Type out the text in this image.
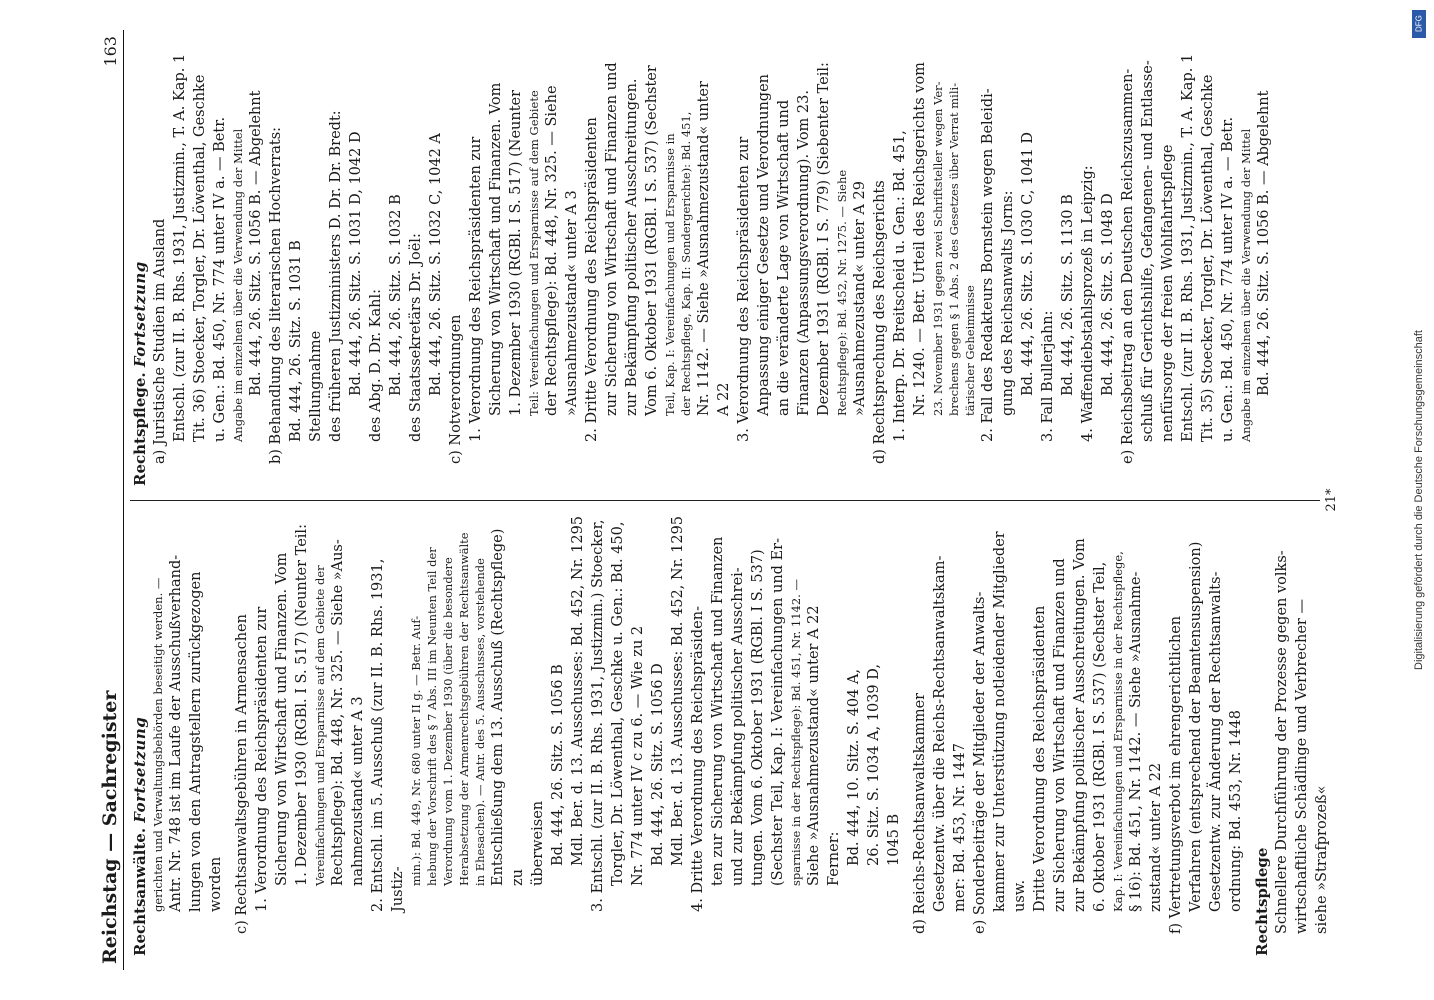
Reichstag — Sachregister
163
Rechtsanwälte. Fortsetzung gerichten und Verwaltungsbehörden beseitigt werden. — Antr. Nr. 748 ist im Laufe der Ausschußverhand- lungen von den Antragstellern zurückgezogen worden c) Rechtsanwaltsgebühren in Armensachen 1. Verordnung des Reichspräsidenten zur Sicherung von Wirtschaft und Finanzen. Vom 1. Dezember 1930 (RGBl. I S. 517) (Neunter Teil: Vereinfachungen und Ersparnisse auf dem Gebiete der Rechtspflege): Bd. 448, Nr. 325. — Siehe »Aus- nahmezustand« unter A 3 2. Entschl. im 5. Ausschuß (zur II. B. Rhs. 1931, Justiz-
min.): Bd. 449, Nr. 680 unter II g. — Betr. Auf- hebung der Vorschrift des § 7 Abs. III im Neunten Teil der Verordnung vom 1. Dezember 1930 (über die besondere Herabsetzung der Armenrechtsgebühren der Rechtsanwälte in Ehesachen). — Antr. des 5. Ausschusses, vorstehende Entschließung dem 13. Ausschuß (Rechtspflege) zu überweisen Bd. 444, 26. Sitz. S. 1056 B Mdl. Ber. d. 13. Ausschusses: Bd. 452, Nr. 1295 3. Entschl. (zur II. B. Rhs. 1931, Justizmin.) Stoecker, Torgler, Dr. Löwenthal, Geschke u. Gen.: Bd. 450, Nr. 774 unter IV c zu 6. — Wie zu 2 Bd. 444, 26. Sitz. S. 1056 D Mdl. Ber. d. 13. Ausschusses: Bd. 452, Nr. 1295 4. Dritte Verordnung des Reichspräsiden- ten zur Sicherung von Wirtschaft und Finanzen und zur Bekämpfung politischer Ausschrei- tungen. Vom 6. Oktober 1931 (RGBl. I S. 537) (Sechster Teil, Kap. I: Vereinfachungen und Er- sparnisse in der Rechtspflege): Bd. 451, Nr. 1142. — Siehe »Ausnahmezustand« unter A 22 Ferner: Bd. 444, 10. Sitz. S. 404 A, 26. Sitz. S. 1034 A, 1039 D, 1045 B d) Reichs-Rechtsanwaltskammer Gesetzentw. über die Reichs-Rechtsanwaltskam- mer: Bd. 453, Nr. 1447 e) Sonderbeiträge der Mitglieder der Anwalts- kammer zur Unterstützung notleidender Mitglieder usw. Dritte Verordnung des Reichspräsidenten zur Sicherung von Wirtschaft und Finanzen und zur Bekämpfung politischer Ausschreitungen. Vom 6. Oktober 1931 (RGBl. I S. 537) (Sechster Teil, Kap. I: Vereinfachungen und Ersparnisse in der Rechtspflege, § 16): Bd. 451, Nr. 1142. — Siehe »Ausnahme- zustand« unter A 22 f) Vertretungsverbot im ehrengerichtlichen Verfahren (entsprechend der Beamtensuspension) Gesetzentw. zur Änderung der Rechtsanwalts- ordnung: Bd. 453, Nr. 1448 Rechtspflege Schnellere Durchführung der Prozesse gegen volks- wirtschaftliche Schädlinge und Verbrecher — siehe »Strafprozeß«
Rechtspflege. Fortsetzung a) Juristische Studien im Ausland Entschl. (zur II. B. Rhs. 1931, Justizmin., T. A. Kap. 1 Tit. 36) Stoecker, Torgler, Dr. Löwenthal, Geschke u. Gen.: Bd. 450, Nr. 774 unter IV a. — Betr. Angabe im einzelnen über die Verwendung der Mittel Bd. 444, 26. Sitz. S. 1056 B. — Abgelehnt b) Behandlung des literarischen Hochverrats: Bd. 444, 26. Sitz. S. 1031 B Stellungnahme des früheren Justizministers D. Dr. Dr. Bredt: Bd. 444, 26. Sitz. S. 1031 D, 1042 D des Abg. D. Dr. Kahl: Bd. 444, 26. Sitz. S. 1032 B des Staatssekretärs Dr. Joël: Bd. 444, 26. Sitz. S. 1032 C, 1042 A c) Notverordnungen 1. Verordnung des Reichspräsidenten zur Sicherung von Wirtschaft und Finanzen. Vom 1. Dezember 1930 (RGBl. I S. 517) (Neunter Teil: Vereinfachungen und Ersparnisse auf dem Gebiete der Rechtspflege): Bd. 448, Nr. 325. — Siehe »Ausnahmezustand« unter A 3 2. Dritte Verordnung des Reichspräsidenten zur Sicherung von Wirtschaft und Finanzen und zur Bekämpfung politischer Ausschreitungen. Vom 6. Oktober 1931 (RGBl. I S. 537) (Sechster Teil, Kap. I: Vereinfachungen und Ersparnisse in der Rechtspflege, Kap. II: Sondergerichte): Bd. 451, Nr. 1142. — Siehe »Ausnahmezustand« unter A 22 3. Verordnung des Reichspräsidenten zur Anpassung einiger Gesetze und Verordnungen an die veränderte Lage von Wirtschaft und Finanzen (Anpassungsverordnung). Vom 23. Dezember 1931 (RGBl. I S. 779) (Siebenter Teil: Rechtspflege): Bd. 452, Nr. 1275. — Siehe »Ausnahmezustand« unter A 29 d) Rechtsprechung des Reichsgerichts 1. Interp. Dr. Breitscheid u. Gen.: Bd. 451, Nr. 1240. — Betr. Urteil des Reichsgerichts vom 23. November 1931 gegen zwei Schriftsteller wegen Ver- brechens gegen § 1 Abs. 2 des Gesetzes über Verrat mili- tärischer Geheimnisse 2. Fall des Redakteurs Bornstein wegen Beleidi- gung des Reichsanwalts Jorns: Bd. 444, 26. Sitz. S. 1030 C, 1041 D 3. Fall Bullerjahn: Bd. 444, 26. Sitz. S. 1130 B 4. Waffendiebstahlsprozeß in Leipzig: Bd. 444, 26. Sitz. S. 1048 D e) Reichsbeitrag an den Deutschen Reichszusammen- schluß für Gerichtshilfe, Gefangenen- und Entlasse- nenfürsorge der freien Wohlfahrtspflege Entschl. (zur II. B. Rhs. 1931, Justizmin., T. A. Kap. 1 Tit. 35) Stoecker, Torgler, Dr. Löwenthal, Geschke u. Gen.: Bd. 450, Nr. 774 unter IV a. — Betr. Angabe im einzelnen über die Verwendung der Mittel Bd. 444, 26. Sitz. S. 1056 B. — Abgelehnt
21*	Digitalisierung gefördert durch die Deutsche Forschungsgemeinschaft
DFG
